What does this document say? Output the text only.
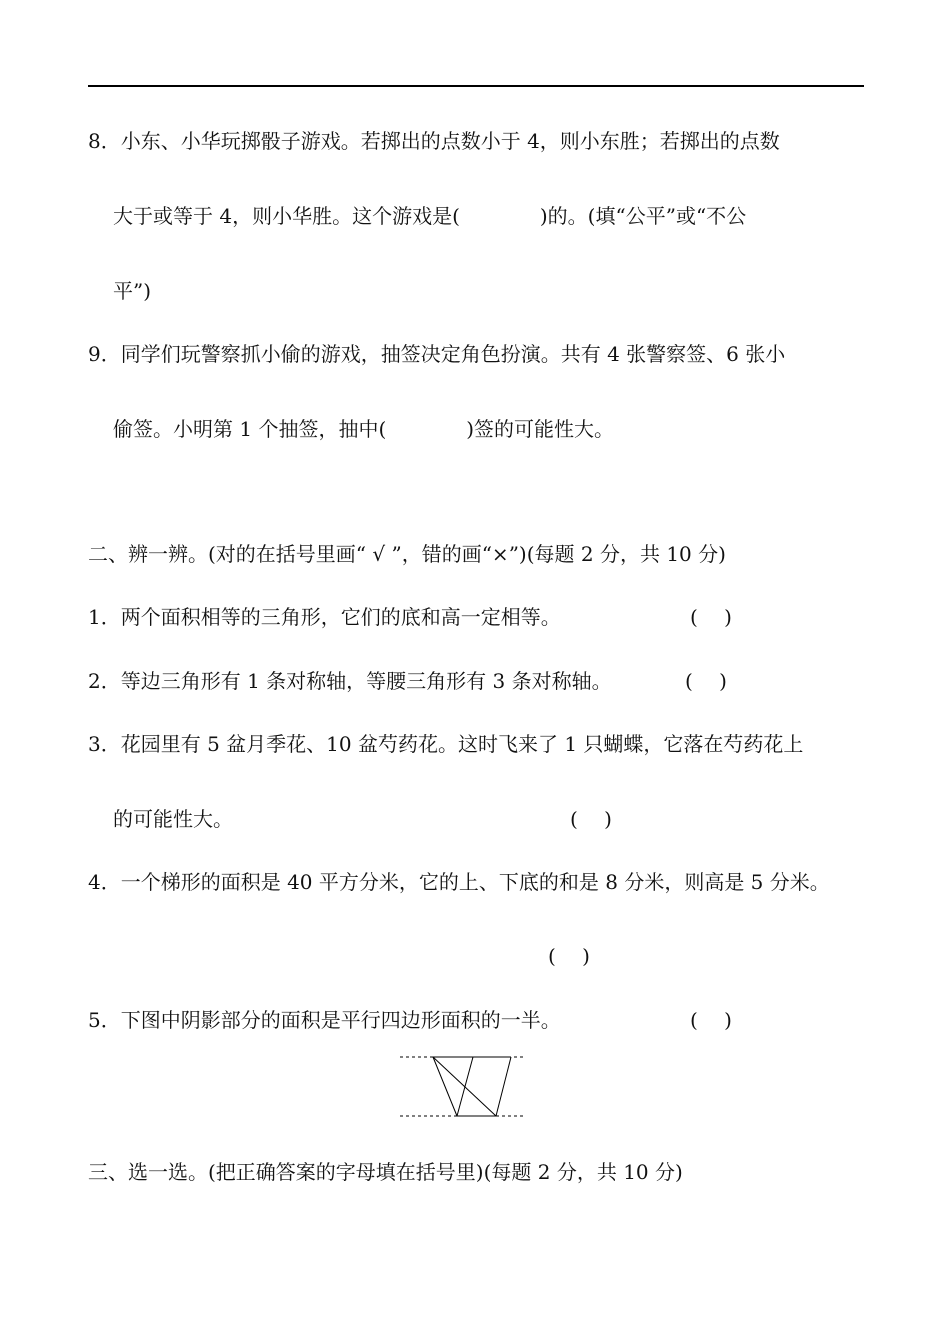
8．小东、小华玩掷骰子游戏。若掷出的点数小于 4，则小东胜；若掷出的点数
大于或等于 4，则小华胜。这个游戏是(　　　　)的。(填“公平”或“不公
平”)
9．同学们玩警察抓小偷的游戏，抽签决定角色扮演。共有 4 张警察签、6 张小
偷签。小明第 1 个抽签，抽中(　　　　)签的可能性大。
二、辨一辨。(对的在括号里画“ √ ”，错的画“×”)(每题 2 分，共 10 分)
1．两个面积相等的三角形，它们的底和高一定相等。	(　 )
2．等边三角形有 1 条对称轴，等腰三角形有 3 条对称轴。	(　 )
3．花园里有 5 盆月季花、10 盆芍药花。这时飞来了 1 只蝴蝶，它落在芍药花上
的可能性大。	(　 )
4．一个梯形的面积是 40 平方分米，它的上、下底的和是 8 分米，则高是 5 分米。
(　 )
5．下图中阴影部分的面积是平行四边形面积的一半。	(　 )
三、选一选。(把正确答案的字母填在括号里)(每题 2 分，共 10 分)
